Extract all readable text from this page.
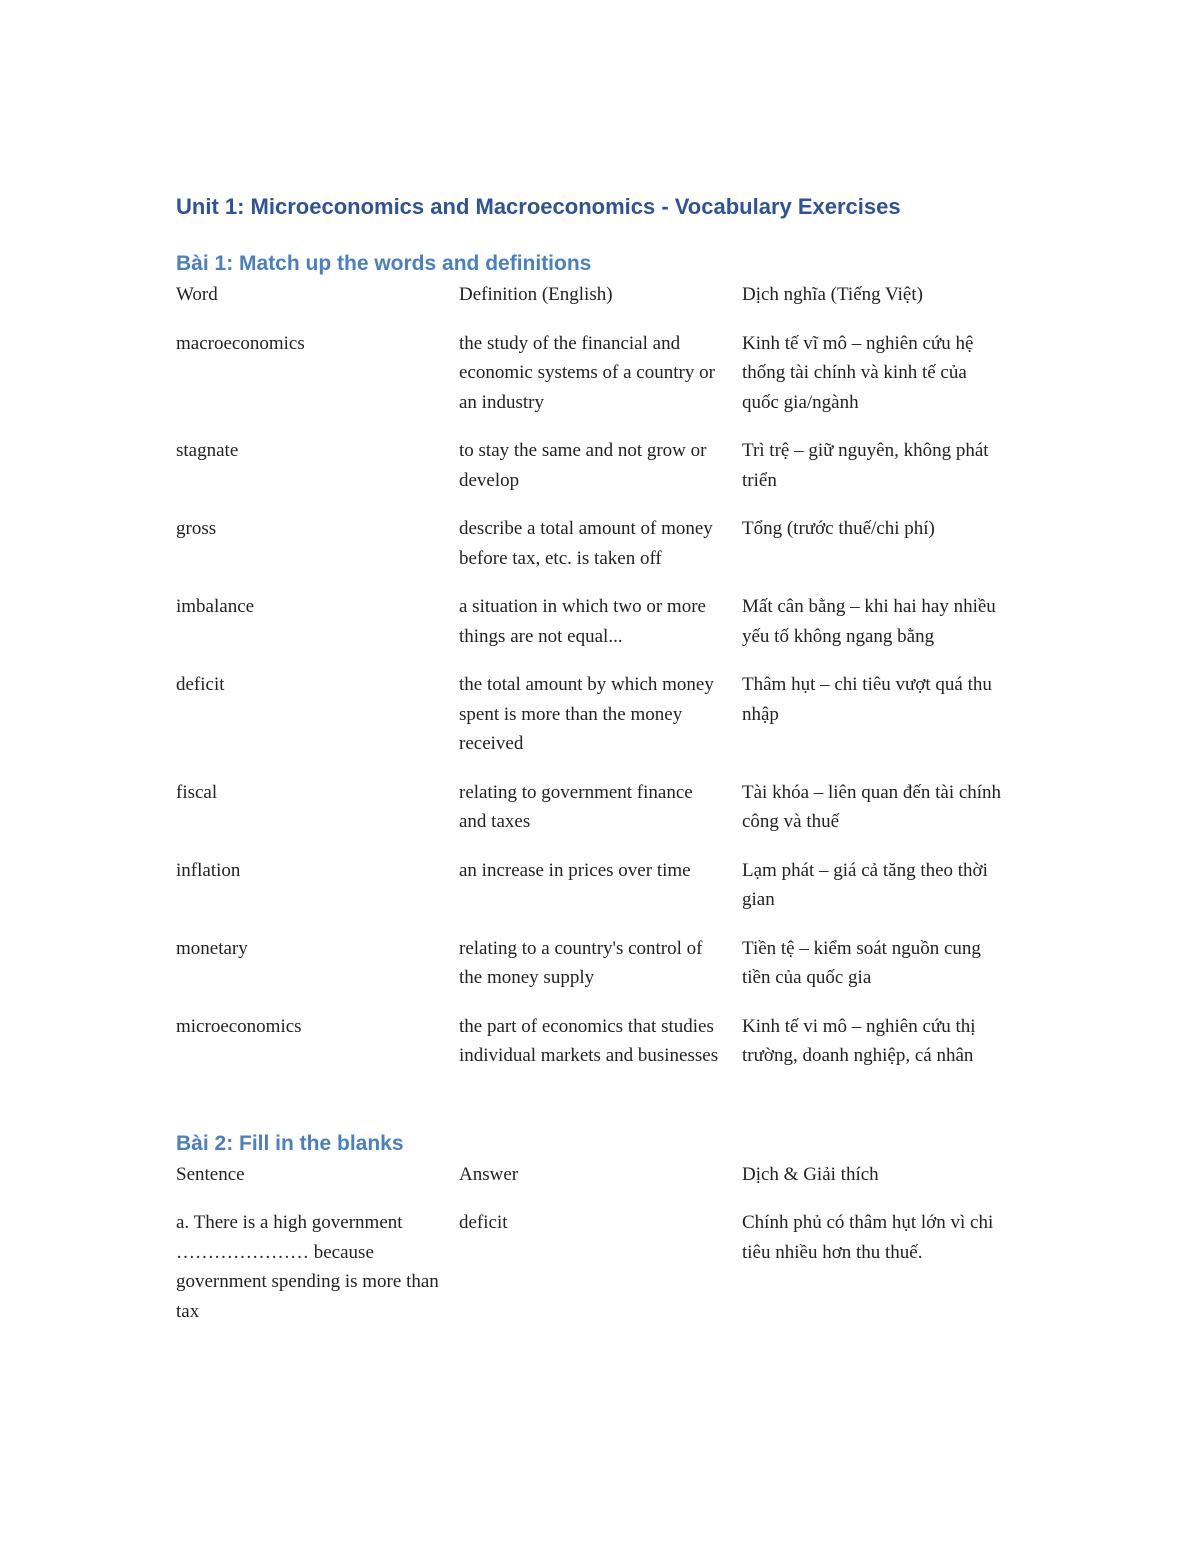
Unit 1: Microeconomics and Macroeconomics - Vocabulary Exercises
Bài 1: Match up the words and definitions
Word	Definition (English)	Dịch nghĩa (Tiếng Việt)
macroeconomics	the study of the financial and economic systems of a country or an industry	Kinh tế vĩ mô – nghiên cứu hệ thống tài chính và kinh tế của quốc gia/ngành
stagnate	to stay the same and not grow or develop	Trì trệ – giữ nguyên, không phát triển
gross	describe a total amount of money before tax, etc. is taken off	Tổng (trước thuế/chi phí)
imbalance	a situation in which two or more things are not equal...	Mất cân bằng – khi hai hay nhiều yếu tố không ngang bằng
deficit	the total amount by which money spent is more than the money received	Thâm hụt – chi tiêu vượt quá thu nhập
fiscal	relating to government finance and taxes	Tài khóa – liên quan đến tài chính công và thuế
inflation	an increase in prices over time	Lạm phát – giá cả tăng theo thời gian
monetary	relating to a country's control of the money supply	Tiền tệ – kiểm soát nguồn cung tiền của quốc gia
microeconomics	the part of economics that studies individual markets and businesses	Kinh tế vi mô – nghiên cứu thị trường, doanh nghiệp, cá nhân
Bài 2: Fill in the blanks
Sentence	Answer	Dịch & Giải thích
a. There is a high government ………………… because government spending is more than tax	deficit	Chính phủ có thâm hụt lớn vì chi tiêu nhiều hơn thu thuế.
